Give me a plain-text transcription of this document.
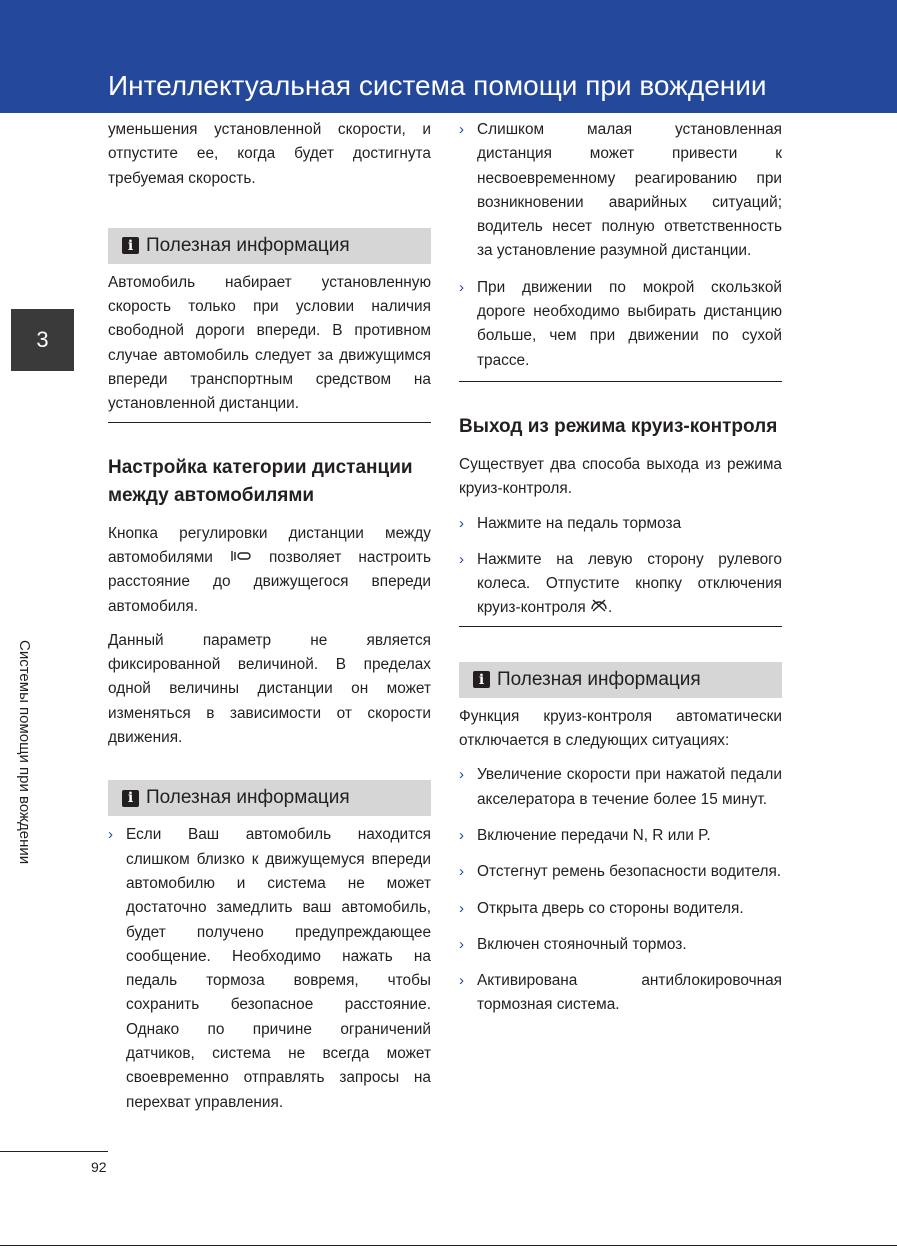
Интеллектуальная система помощи при вождении
3
Системы помощи при вождении
уменьшения установленной скорости, и отпустите ее, когда будет достигнута требуемая скорость.
i Полезная информация
Автомобиль набирает установленную скорость только при условии наличия свободной дороги впереди. В противном случае автомобиль следует за движущимся впереди транспортным средством на установленной дистанции.
Настройка категории дистанции между автомобилями
Кнопка регулировки дистанции между автомобилями	позволяет настроить расстояние до движущегося впереди автомобиля.
Данный параметр не является фиксированной величиной. В пределах одной величины дистанции он может изменяться в зависимости от скорости движения.
i Полезная информация
› Если Ваш автомобиль находится слишком близко к движущемуся впереди автомобилю и система не может достаточно замедлить ваш автомобиль, будет получено предупреждающее сообщение. Необходимо нажать на педаль тормоза вовремя, чтобы сохранить безопасное расстояние. Однако по причине ограничений датчиков, система не всегда может своевременно отправлять запросы на перехват управления.
› Слишком малая установленная дистанция может привести к несвоевременному реагированию при возникновении аварийных ситуаций; водитель несет полную ответственность за установление разумной дистанции.
› При движении по мокрой скользкой дороге необходимо выбирать дистанцию больше, чем при движении по сухой трассе.
Выход из режима круиз-контроля
Существует два способа выхода из режима круиз-контроля.
› Нажмите на педаль тормоза
› Нажмите на левую сторону рулевого колеса. Отпустите кнопку отключения круиз-контроля .
i Полезная информация
Функция круиз-контроля автоматически отключается в следующих ситуациях:
› Увеличение скорости при нажатой педали акселератора в течение более 15 минут.
› Включение передачи N, R или P.
› Отстегнут ремень безопасности водителя.
› Открыта дверь со стороны водителя.
› Включен стояночный тормоз.
› Активирована антиблокировочная тормозная система.
92
